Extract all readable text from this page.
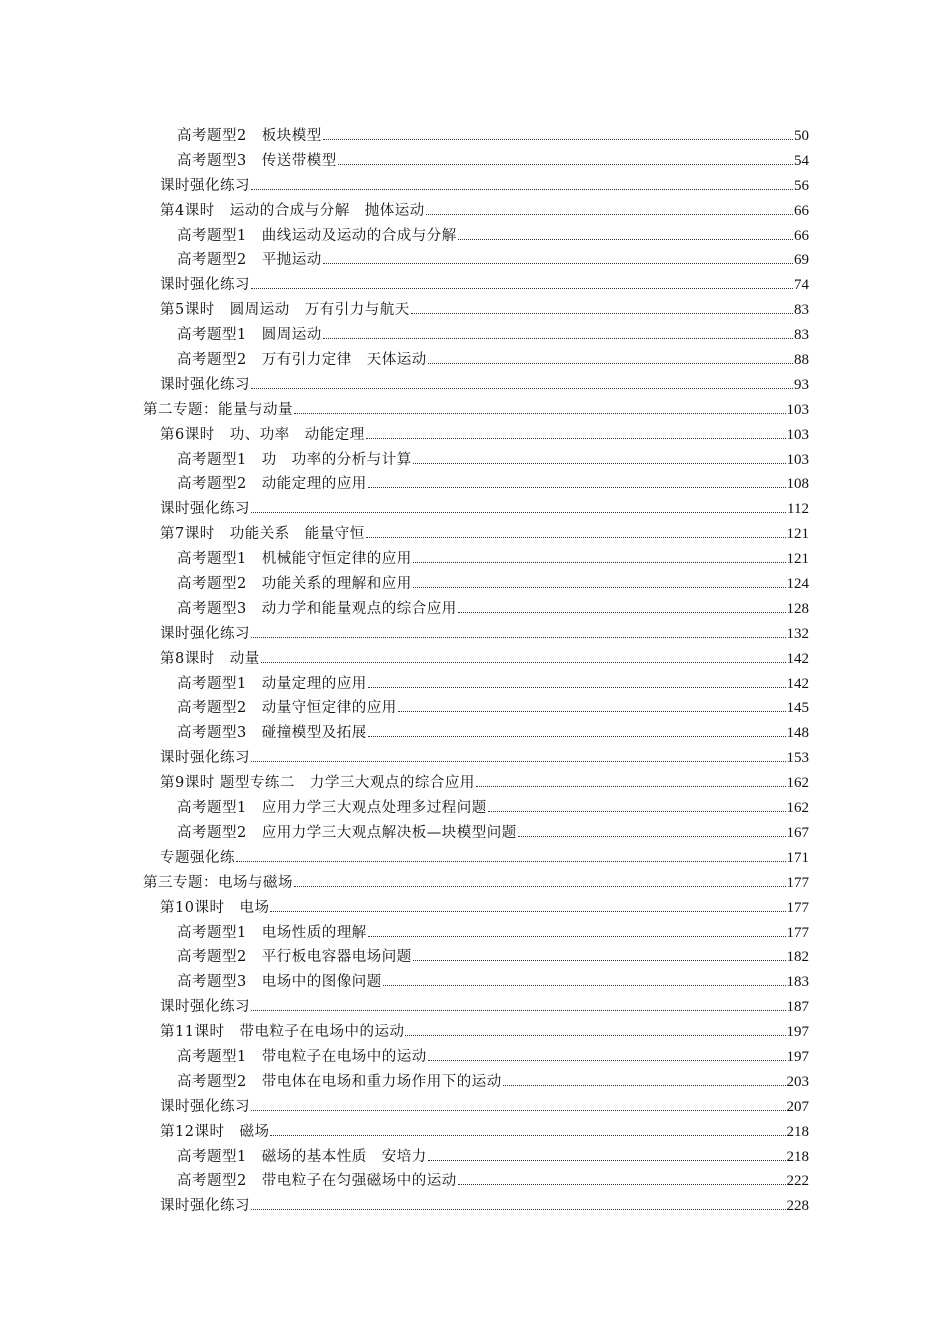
高考题型2　板块模型	50
高考题型3　传送带模型	54
课时强化练习	56
第4课时　运动的合成与分解　抛体运动	66
高考题型1　曲线运动及运动的合成与分解	66
高考题型2　平抛运动	69
课时强化练习	74
第5课时　圆周运动　万有引力与航天	83
高考题型1　圆周运动	83
高考题型2　万有引力定律　天体运动	88
课时强化练习	93
第二专题：能量与动量	103
第6课时　功、功率　动能定理	103
高考题型1　功　功率的分析与计算	103
高考题型2　动能定理的应用	108
课时强化练习	112
第7课时　功能关系　能量守恒	121
高考题型1　机械能守恒定律的应用	121
高考题型2　功能关系的理解和应用	124
高考题型3　动力学和能量观点的综合应用	128
课时强化练习	132
第8课时　动量	142
高考题型1　动量定理的应用	142
高考题型2　动量守恒定律的应用	145
高考题型3　碰撞模型及拓展	148
课时强化练习	153
第9课时 题型专练二　力学三大观点的综合应用	162
高考题型1　应用力学三大观点处理多过程问题	162
高考题型2　应用力学三大观点解决板—块模型问题	167
专题强化练	171
第三专题：电场与磁场	177
第10课时　电场	177
高考题型1　电场性质的理解	177
高考题型2　平行板电容器电场问题	182
高考题型3　电场中的图像问题	183
课时强化练习	187
第11课时　带电粒子在电场中的运动	197
高考题型1　带电粒子在电场中的运动	197
高考题型2　带电体在电场和重力场作用下的运动	203
课时强化练习	207
第12课时　磁场	218
高考题型1　磁场的基本性质　安培力	218
高考题型2　带电粒子在匀强磁场中的运动	222
课时强化练习	228
